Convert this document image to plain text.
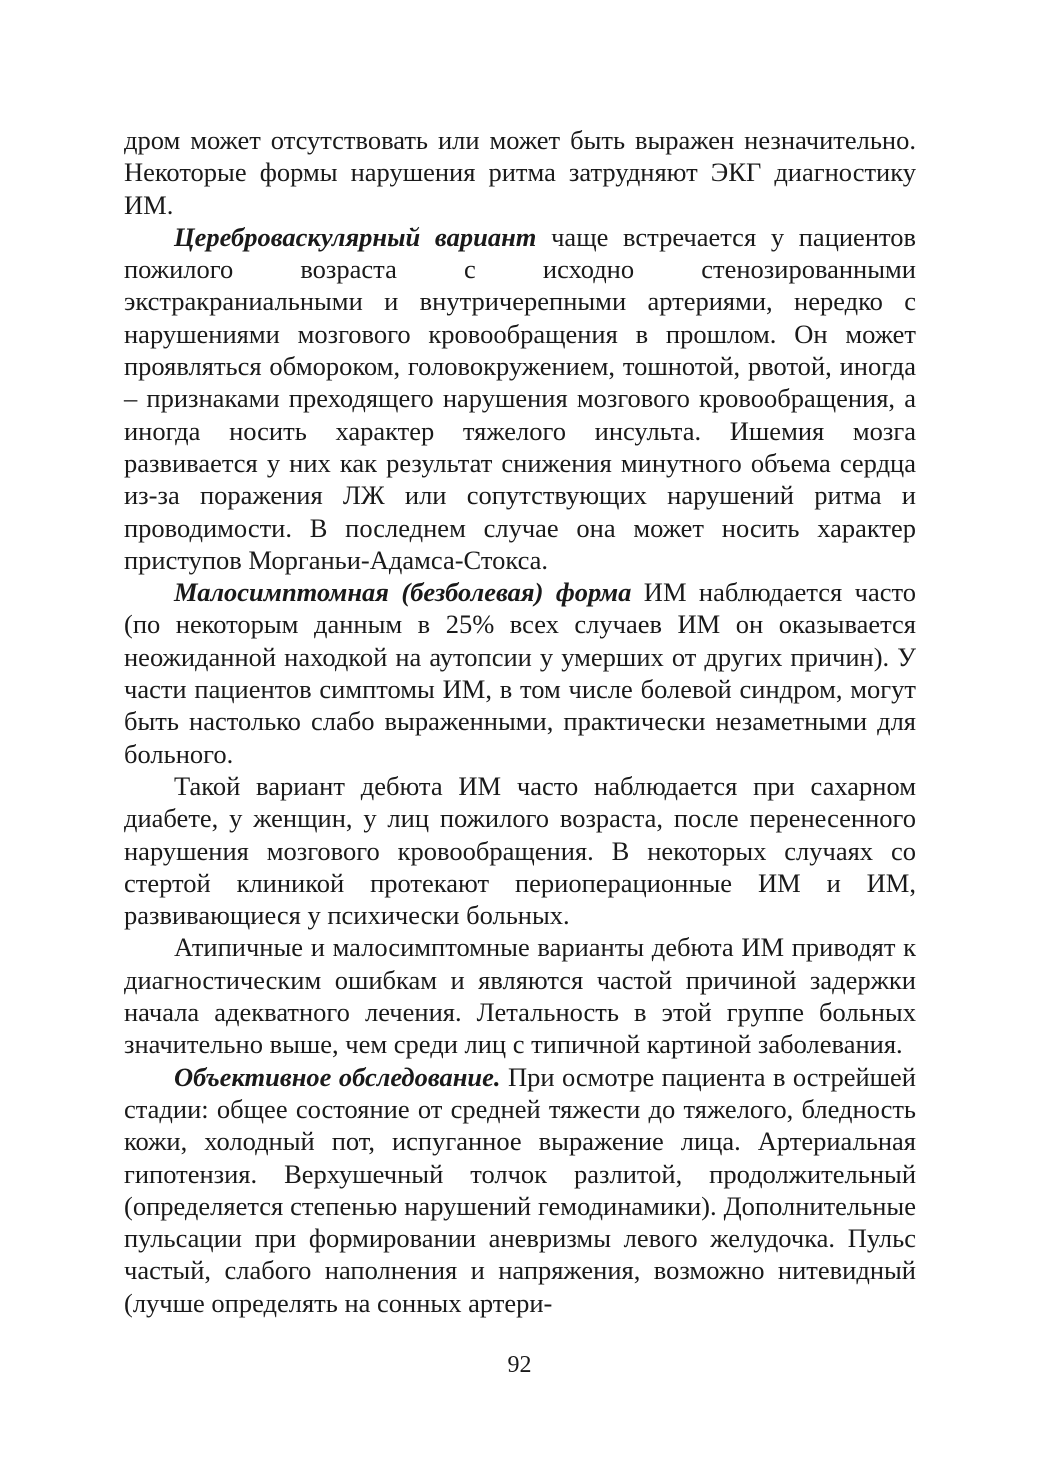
дром может отсутствовать или может быть выражен незначительно. Некоторые формы нарушения ритма затрудняют ЭКГ диагностику ИМ.

Цереброваскулярный вариант чаще встречается у пациентов пожилого возраста с исходно стенозированными экстракраниальными и внутричерепными артериями, нередко с нарушениями мозгового кровообращения в прошлом. Он может проявляться обмороком, головокружением, тошнотой, рвотой, иногда – признаками преходящего нарушения мозгового кровообращения, а иногда носить характер тяжелого инсульта. Ишемия мозга развивается у них как результат снижения минутного объема сердца из-за поражения ЛЖ или сопутствующих нарушений ритма и проводимости. В последнем случае она может носить характер приступов Морганьи-Адамса-Стокса.

Малосимптомная (безболевая) форма ИМ наблюдается часто (по некоторым данным в 25% всех случаев ИМ он оказывается неожиданной находкой на аутопсии у умерших от других причин). У части пациентов симптомы ИМ, в том числе болевой синдром, могут быть настолько слабо выраженными, практически незаметными для больного.

Такой вариант дебюта ИМ часто наблюдается при сахарном диабете, у женщин, у лиц пожилого возраста, после перенесенного нарушения мозгового кровообращения. В некоторых случаях со стертой клиникой протекают периоперационные ИМ и ИМ, развивающиеся у психически больных.

Атипичные и малосимптомные варианты дебюта ИМ приводят к диагностическим ошибкам и являются частой причиной задержки начала адекватного лечения. Летальность в этой группе больных значительно выше, чем среди лиц с типичной картиной заболевания.

Объективное обследование. При осмотре пациента в острейшей стадии: общее состояние от средней тяжести до тяжелого, бледность кожи, холодный пот, испуганное выражение лица. Артериальная гипотензия. Верхушечный толчок разлитой, продолжительный (определяется степенью нарушений гемодинамики). Дополнительные пульсации при формировании аневризмы левого желудочка. Пульс частый, слабого наполнения и напряжения, возможно нитевидный (лучше определять на сонных артери-

92
